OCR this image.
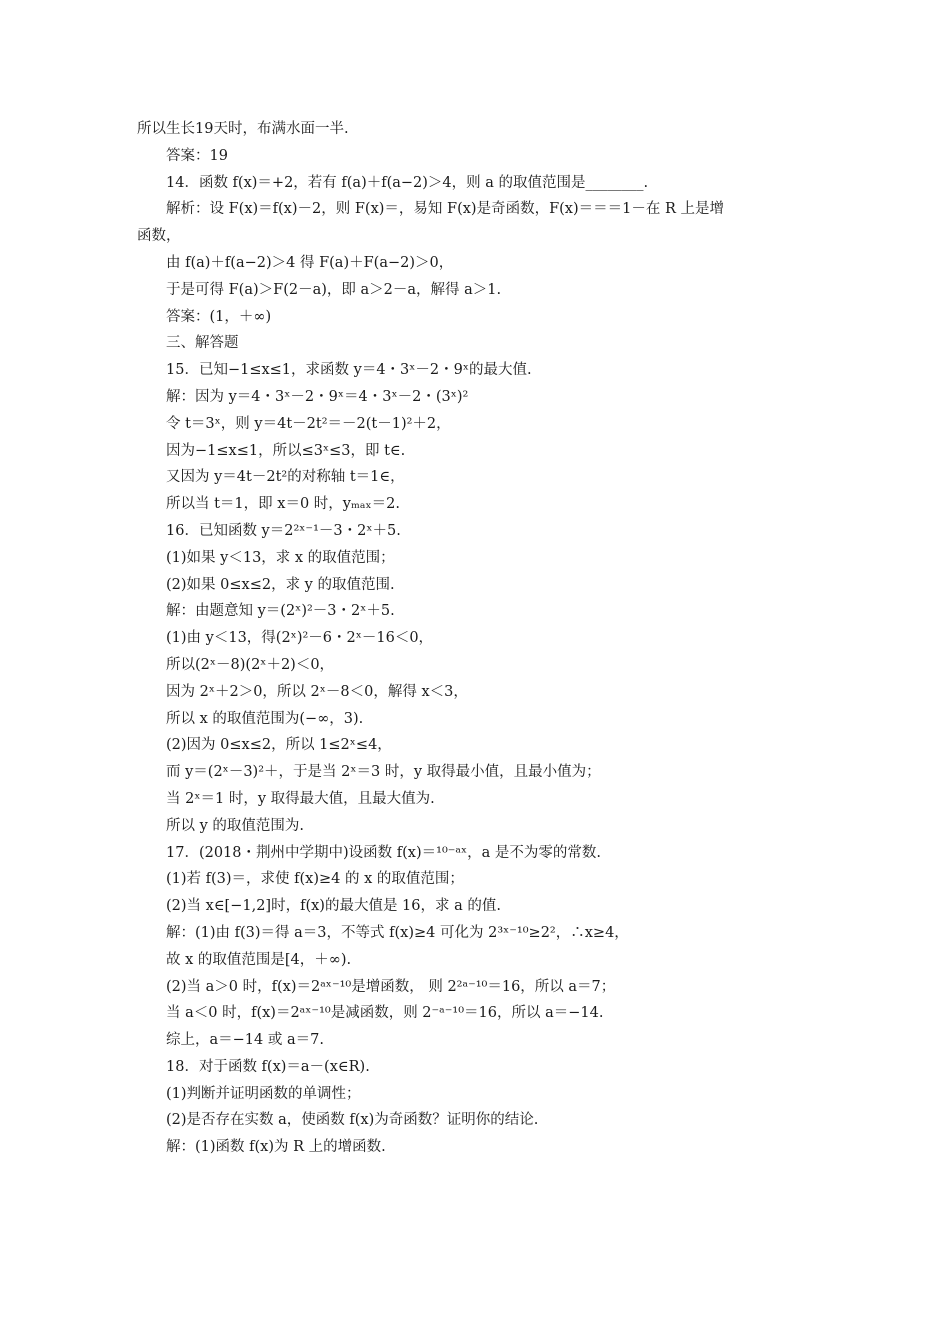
所以生长19天时，布满水面一半.
答案：19
14．函数 f(x)＝+2，若有 f(a)＋f(a−2)＞4，则 a 的取值范围是________.
解析：设 F(x)＝f(x)－2，则 F(x)＝，易知 F(x)是奇函数，F(x)＝＝＝1－在 R 上是增
函数，
由 f(a)＋f(a−2)＞4 得 F(a)＋F(a−2)＞0，
于是可得 F(a)＞F(2－a)，即 a＞2－a，解得 a＞1.
答案：(1，＋∞)
三、解答题
15．已知−1≤x≤1，求函数 y＝4・3ˣ－2・9ˣ的最大值.
解：因为 y＝4・3ˣ－2・9ˣ＝4・3ˣ－2・(3ˣ)²
令 t＝3ˣ，则 y＝4t－2t²＝－2(t－1)²＋2，
因为−1≤x≤1，所以≤3ˣ≤3，即 t∈.
又因为 y＝4t－2t²的对称轴 t＝1∈，
所以当 t＝1，即 x＝0 时，yₘₐₓ＝2.
16．已知函数 y＝2²ˣ⁻¹－3・2ˣ＋5.
(1)如果 y＜13，求 x 的取值范围；
(2)如果 0≤x≤2，求 y 的取值范围.
解：由题意知 y＝(2ˣ)²－3・2ˣ＋5.
(1)由 y＜13，得(2ˣ)²－6・2ˣ－16＜0，
所以(2ˣ－8)(2ˣ＋2)＜0，
因为 2ˣ＋2＞0，所以 2ˣ－8＜0，解得 x＜3，
所以 x 的取值范围为(−∞，3).
(2)因为 0≤x≤2，所以 1≤2ˣ≤4，
而 y＝(2ˣ－3)²＋，于是当 2ˣ＝3 时，y 取得最小值，且最小值为；
当 2ˣ＝1 时，y 取得最大值，且最大值为.
所以 y 的取值范围为.
17．(2018・荆州中学期中)设函数 f(x)＝¹⁰⁻ᵃˣ，a 是不为零的常数.
(1)若 f(3)＝，求使 f(x)≥4 的 x 的取值范围；
(2)当 x∈[−1,2]时，f(x)的最大值是 16，求 a 的值.
解：(1)由 f(3)＝得 a＝3，不等式 f(x)≥4 可化为 2³ˣ⁻¹⁰≥2²，∴x≥4，
故 x 的取值范围是[4，＋∞).
(2)当 a＞0 时，f(x)＝2ᵃˣ⁻¹⁰是增函数， 则 2²ᵃ⁻¹⁰＝16，所以 a＝7；
当 a＜0 时，f(x)＝2ᵃˣ⁻¹⁰是减函数，则 2⁻ᵃ⁻¹⁰＝16，所以 a＝−14.
综上，a＝−14 或 a＝7.
18．对于函数 f(x)＝a－(x∈R).
(1)判断并证明函数的单调性；
(2)是否存在实数 a，使函数 f(x)为奇函数？证明你的结论.
解：(1)函数 f(x)为 R 上的增函数.
